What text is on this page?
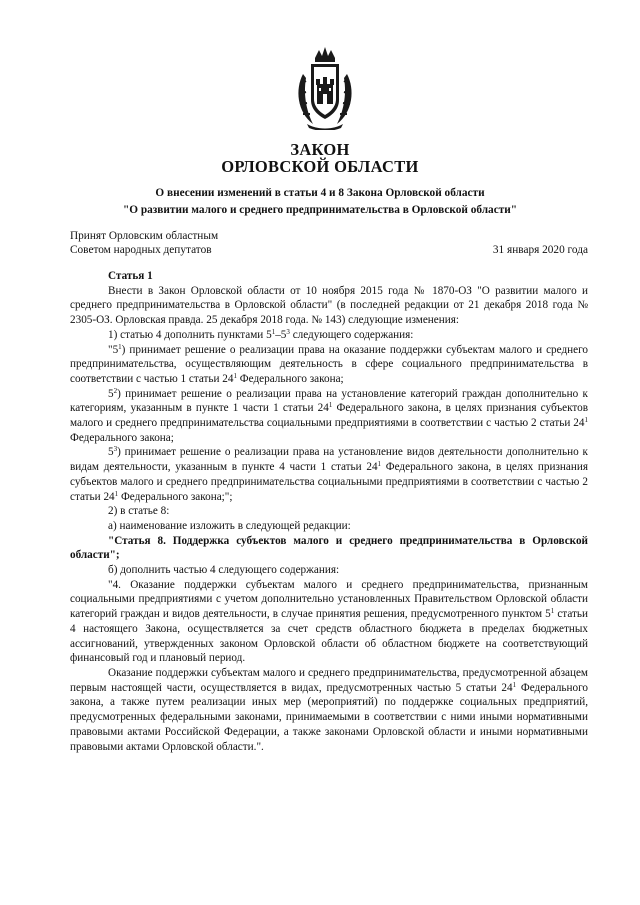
ЗАКОН
ОРЛОВСКОЙ ОБЛАСТИ
О внесении изменений в статьи 4 и 8 Закона Орловской области
"О развитии малого и среднего предпринимательства в Орловской области"
Принят Орловским областным
Советом народных депутатов	31 января 2020 года

Статья 1

Внести в Закон Орловской области от 10 ноября 2015 года № 1870-ОЗ "О развитии малого и среднего предпринимательства в Орловской области" (в последней редакции от 21 декабря 2018 года № 2305-ОЗ. Орловская правда. 25 декабря 2018 года. № 143) следующие изменения:

1) статью 4 дополнить пунктами $5^1-5^3$ следующего содержания:

"$5^1$) принимает решение о реализации права на оказание поддержки субъектам малого и среднего предпринимательства, осуществляющим деятельность в сфере социального предпринимательства в соответствии с частью 1 статьи $24^1$ Федерального закона;

$5^2$) принимает решение о реализации права на установление категорий граждан дополнительно к категориям, указанным в пункте 1 части 1 статьи $24^1$ Федерального закона, в целях признания субъектов малого и среднего предпринимательства социальными предприятиями в соответствии с частью 2 статьи $24^1$ Федерального закона;

$5^3$) принимает решение о реализации права на установление видов деятельности дополнительно к видам деятельности, указанным в пункте 4 части 1 статьи $24^1$ Федерального закона, в целях признания субъектов малого и среднего предпринимательства социальными предприятиями в соответствии с частью 2 статьи $24^1$ Федерального закона;";

2) в статье 8:

а) наименование изложить в следующей редакции:

"Статья 8. Поддержка субъектов малого и среднего предпринимательства в Орловской области";

б) дополнить частью 4 следующего содержания:

"4. Оказание поддержки субъектам малого и среднего предпринимательства, признанным социальными предприятиями с учетом дополнительно установленных Правительством Орловской области категорий граждан и видов деятельности, в случае принятия решения, предусмотренного пунктом $5^1$ статьи 4 настоящего Закона, осуществляется за счет средств областного бюджета в пределах бюджетных ассигнований, утвержденных законом Орловской области об областном бюджете на соответствующий финансовый год и плановый период.

Оказание поддержки субъектам малого и среднего предпринимательства, предусмотренной абзацем первым настоящей части, осуществляется в видах, предусмотренных частью 5 статьи $24^1$ Федерального закона, а также путем реализации иных мер (мероприятий) по поддержке социальных предприятий, предусмотренных федеральными законами, принимаемыми в соответствии с ними иными нормативными правовыми актами Российской Федерации, а также законами Орловской области и иными нормативными правовыми актами Орловской области.".
